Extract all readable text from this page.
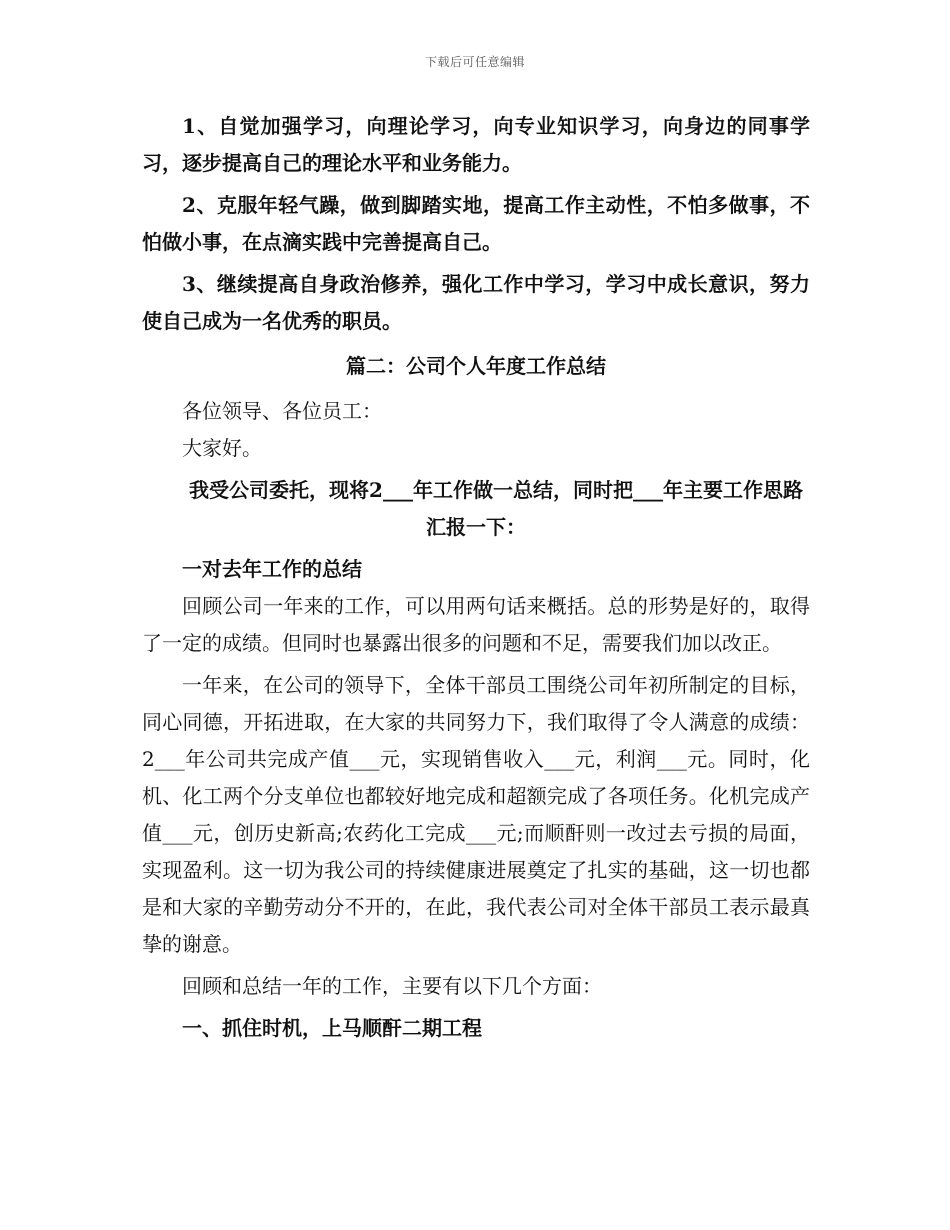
下载后可任意编辑

1、自觉加强学习，向理论学习，向专业知识学习，向身边的同事学习，逐步提高自己的理论水平和业务能力。

2、克服年轻气躁，做到脚踏实地，提高工作主动性，不怕多做事，不怕做小事，在点滴实践中完善提高自己。

3、继续提高自身政治修养，强化工作中学习，学习中成长意识，努力使自己成为一名优秀的职员。

篇二：公司个人年度工作总结

各位领导、各位员工：

大家好。

我受公司委托，现将2___年工作做一总结，同时把___年主要工作思路汇报一下：

一对去年工作的总结

回顾公司一年来的工作，可以用两句话来概括。总的形势是好的，取得了一定的成绩。但同时也暴露出很多的问题和不足，需要我们加以改正。

一年来，在公司的领导下，全体干部员工围绕公司年初所制定的目标，同心同德，开拓进取，在大家的共同努力下，我们取得了令人满意的成绩：2___年公司共完成产值___元，实现销售收入___元，利润___元。同时，化机、化工两个分支单位也都较好地完成和超额完成了各项任务。化机完成产值___元，创历史新高;农药化工完成___元;而顺酐则一改过去亏损的局面，实现盈利。这一切为我公司的持续健康进展奠定了扎实的基础，这一切也都是和大家的辛勤劳动分不开的，在此，我代表公司对全体干部员工表示最真挚的谢意。

回顾和总结一年的工作，主要有以下几个方面：

一、抓住时机，上马顺酐二期工程
